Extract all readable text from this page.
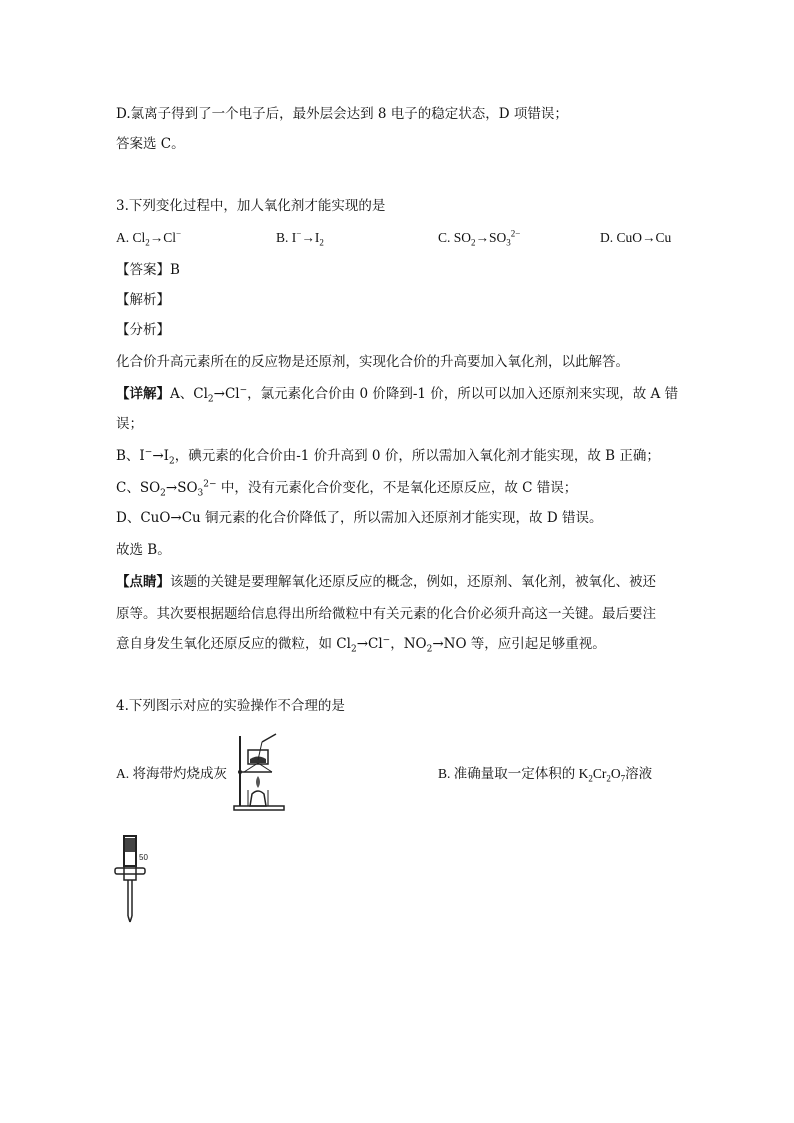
D.氯离子得到了一个电子后，最外层会达到 8 电子的稳定状态，D 项错误；
答案选 C。
3.下列变化过程中，加人氧化剂才能实现的是
A. $Cl_2\to Cl^-$	B. $I^-\to I_2$	C. $SO_2\to SO_3^{2-}$	D. CuO→Cu
【答案】B
【解析】
【分析】
化合价升高元素所在的反应物是还原剂，实现化合价的升高要加入氧化剂，以此解答。
【详解】A、$Cl_2\to Cl^-$，氯元素化合价由 0 价降到-1 价，所以可以加入还原剂来实现，故 A 错
误；
B、$I^-\to I_2$，碘元素的化合价由-1 价升高到 0 价，所以需加入氧化剂才能实现，故 B 正确；
C、$SO_2\to SO_3^{2-}$ 中，没有元素化合价变化，不是氧化还原反应，故 C 错误；
D、CuO→Cu 铜元素的化合价降低了，所以需加入还原剂才能实现，故 D 错误。
故选 B。
【点睛】该题的关键是要理解氧化还原反应的概念，例如，还原剂、氧化剂，被氧化、被还
原等。其次要根据题给信息得出所给微粒中有关元素的化合价必须升高这一关键。最后要注
意自身发生氧化还原反应的微粒，如 $Cl_2\to Cl^-$，$NO_2\to NO$ 等，应引起足够重视。
4.下列图示对应的实验操作不合理的是
A. 将海带灼烧成灰	B. 准确量取一定体积的 $K_2Cr_2O_7$溶液
50
